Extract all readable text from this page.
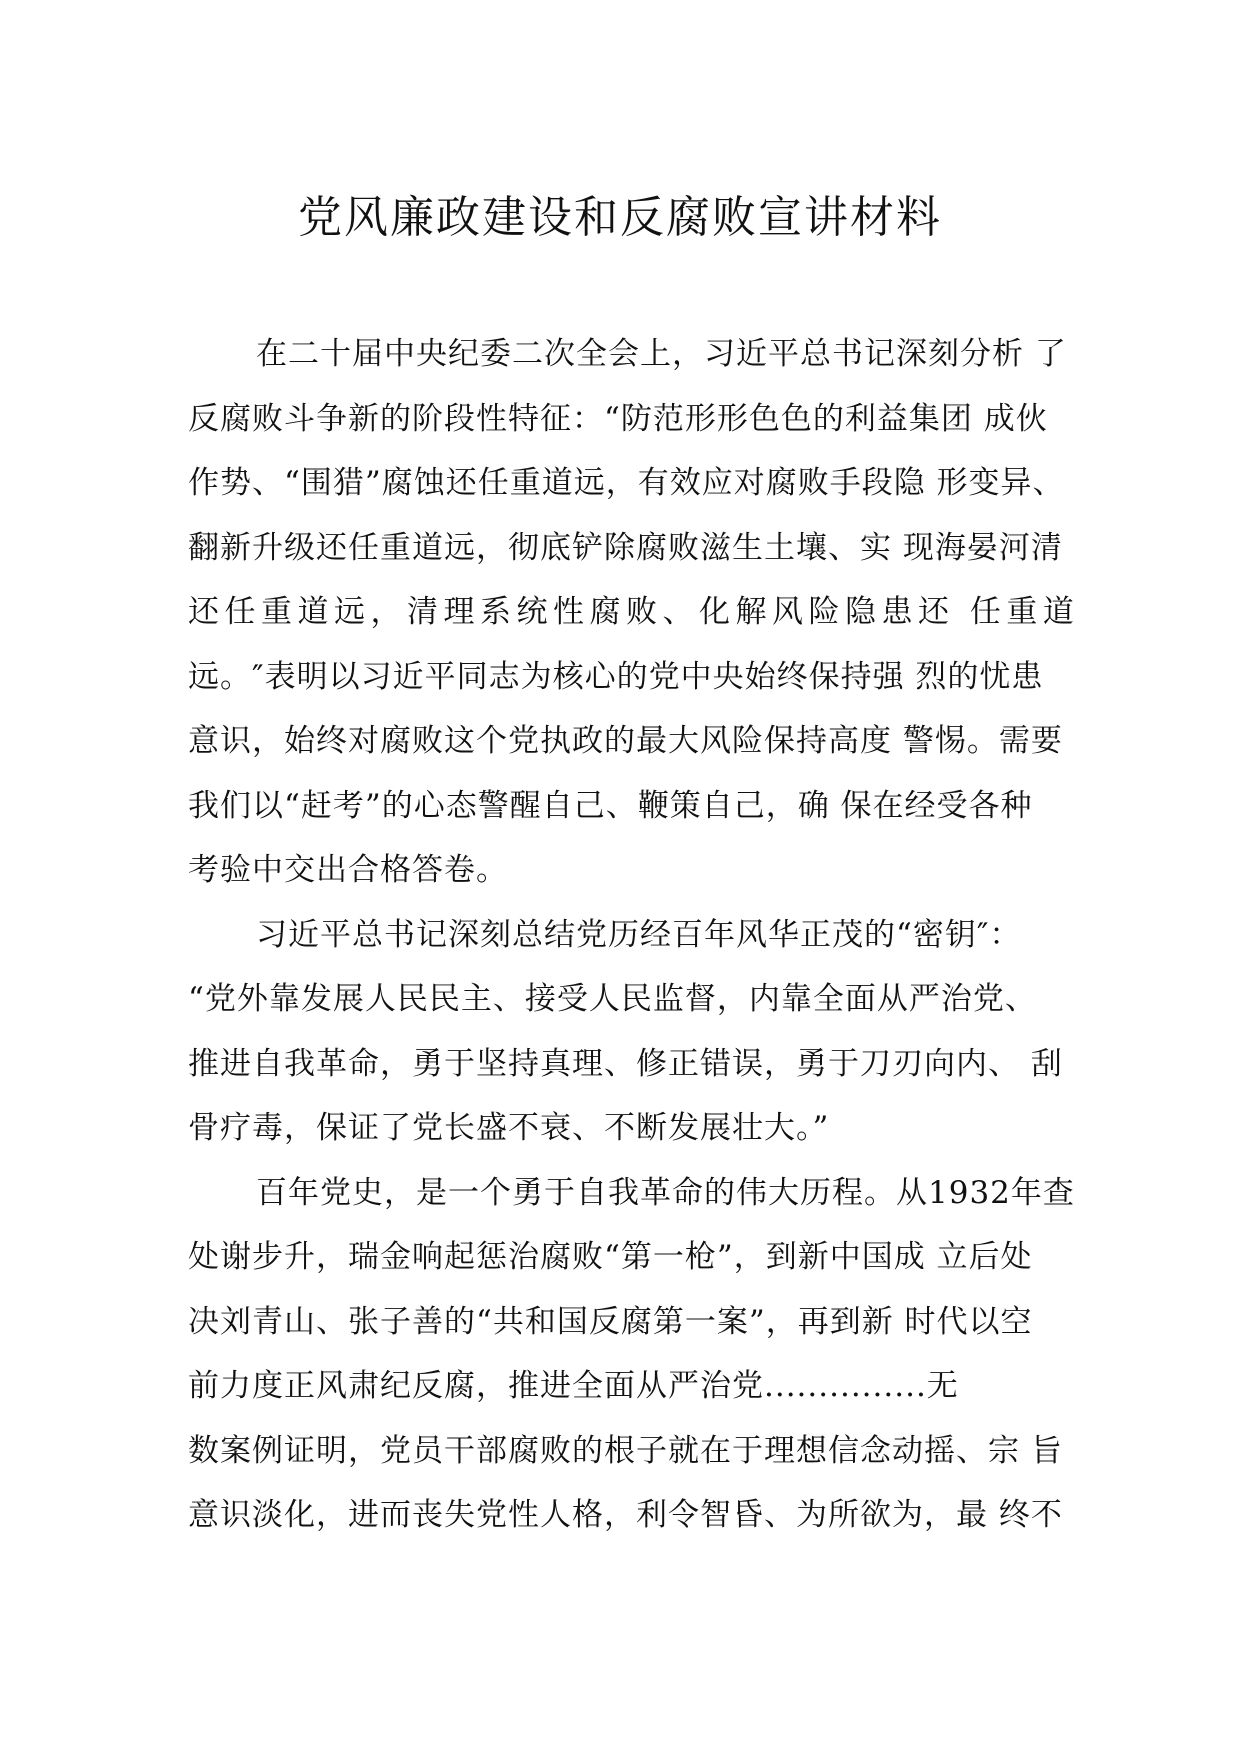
党风廉政建设和反腐败宣讲材料
在二十届中央纪委二次全会上，习近平总书记深刻分析 了
反腐败斗争新的阶段性特征：“防范形形色色的利益集团 成伙
作势、“围猎”腐蚀还任重道远，有效应对腐败手段隐 形变异、
翻新升级还任重道远，彻底铲除腐败滋生土壤、实 现海晏河清
还任重道远，清理系统性腐败、化解风险隐患还 任重道
远。″表明以习近平同志为核心的党中央始终保持强 烈的忧患
意识，始终对腐败这个党执政的最大风险保持高度 警惕。需要
我们以“赶考”的心态警醒自己、鞭策自己，确 保在经受各种
考验中交出合格答卷。
习近平总书记深刻总结党历经百年风华正茂的“密钥″：
“党外靠发展人民民主、接受人民监督，内靠全面从严治党、
推进自我革命，勇于坚持真理、修正错误，勇于刀刃向内、 刮
骨疗毒，保证了党长盛不衰、不断发展壮大。”
百年党史，是一个勇于自我革命的伟大历程。从1932年查
处谢步升，瑞金响起惩治腐败“第一枪”，到新中国成 立后处
决刘青山、张子善的“共和国反腐第一案”，再到新 时代以空
前力度正风肃纪反腐，推进全面从严治党...............无
数案例证明，党员干部腐败的根子就在于理想信念动摇、宗 旨
意识淡化，进而丧失党性人格，利令智昏、为所欲为，最 终不
